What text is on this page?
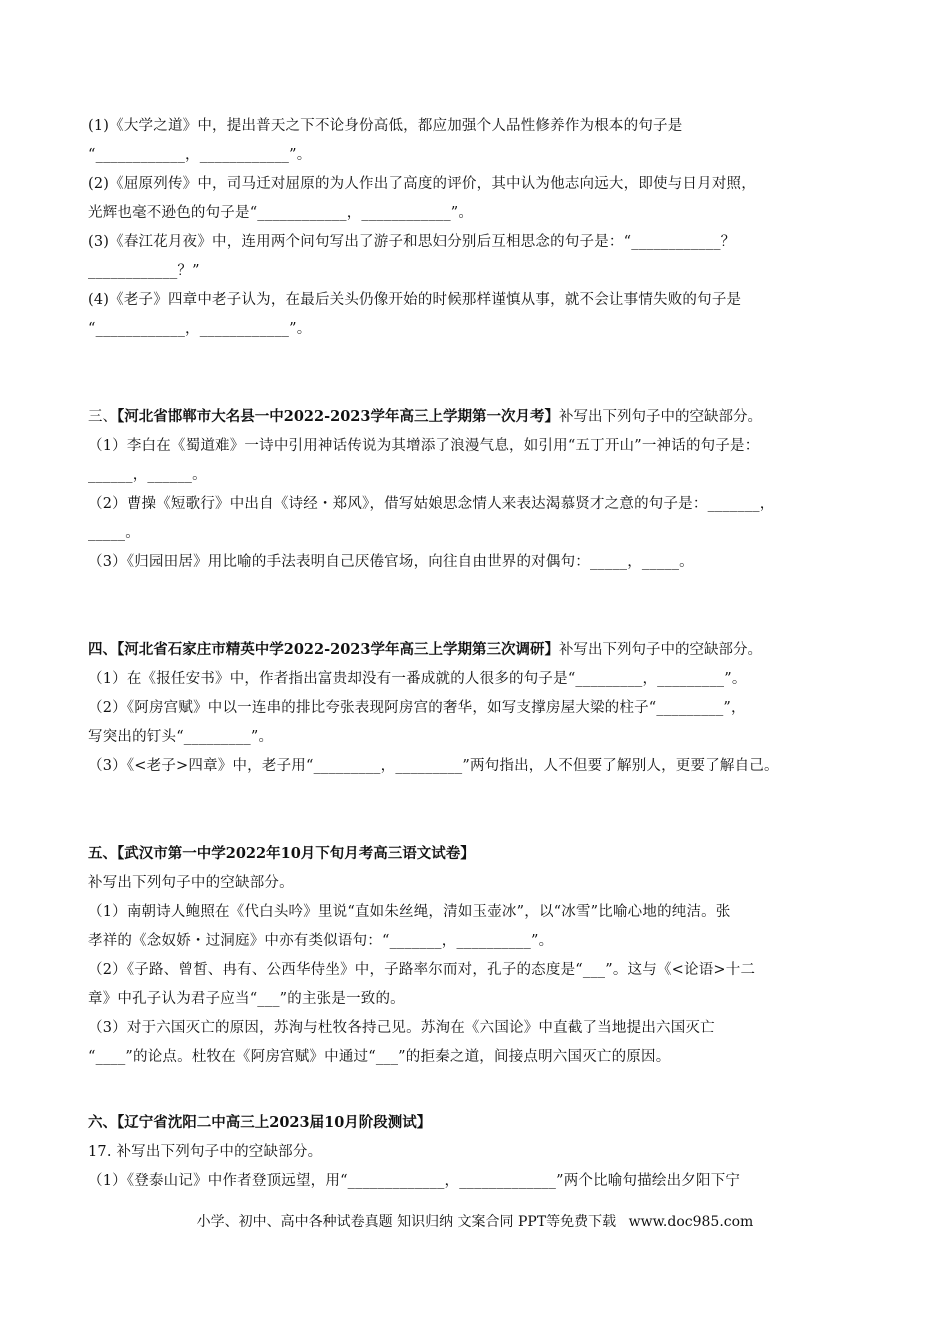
(1)《大学之道》中，提出普天之下不论身份高低，都应加强个人品性修养作为根本的句子是
“____________，____________”。
(2)《屈原列传》中，司马迁对屈原的为人作出了高度的评价，其中认为他志向远大，即使与日月对照，
光辉也毫不逊色的句子是“____________，____________”。
(3)《春江花月夜》中，连用两个问句写出了游子和思妇分别后互相思念的句子是：“____________？
____________？”
(4)《老子》四章中老子认为，在最后关头仍像开始的时候那样谨慎从事，就不会让事情失败的句子是
“____________，____________”。
三、【河北省邯郸市大名县一中2022-2023学年高三上学期第一次月考】补写出下列句子中的空缺部分。
（1）李白在《蜀道难》一诗中引用神话传说为其增添了浪漫气息，如引用“五丁开山”一神话的句子是：
______，______。
（2）曹操《短歌行》中出自《诗经・郑风》，借写姑娘思念情人来表达渴慕贤才之意的句子是：_______，
_____。
（3）《归园田居》用比喻的手法表明自己厌倦官场，向往自由世界的对偶句：_____，_____。
四、【河北省石家庄市精英中学2022-2023学年高三上学期第三次调研】补写出下列句子中的空缺部分。
（1）在《报任安书》中，作者指出富贵却没有一番成就的人很多的句子是“_________，_________”。
（2）《阿房宫赋》中以一连串的排比夸张表现阿房宫的奢华，如写支撑房屋大梁的柱子“_________”，
写突出的钉头“_________”。
（3）《<老子>四章》中，老子用“_________，_________”两句指出，人不但要了解别人，更要了解自己。
五、【武汉市第一中学2022年10月下旬月考高三语文试卷】
补写出下列句子中的空缺部分。
（1）南朝诗人鲍照在《代白头吟》里说“直如朱丝绳，清如玉壶冰”，以“冰雪”比喻心地的纯洁。张
孝祥的《念奴娇・过洞庭》中亦有类似语句：“_______，__________”。
（2）《子路、曾皙、冉有、公西华侍坐》中，子路率尔而对，孔子的态度是“___”。这与《<论语>十二
章》中孔子认为君子应当“___”的主张是一致的。
（3）对于六国灭亡的原因，苏洵与杜牧各持己见。苏洵在《六国论》中直截了当地提出六国灭亡
“____”的论点。杜牧在《阿房宫赋》中通过“___”的拒秦之道，间接点明六国灭亡的原因。
六、【辽宁省沈阳二中高三上2023届10月阶段测试】
17. 补写出下列句子中的空缺部分。
（1）《登泰山记》中作者登顶远望，用“_____________，_____________”两个比喻句描绘出夕阳下宁
小学、初中、高中各种试卷真题 知识归纳 文案合同 PPT等免费下载 www.doc985.com
